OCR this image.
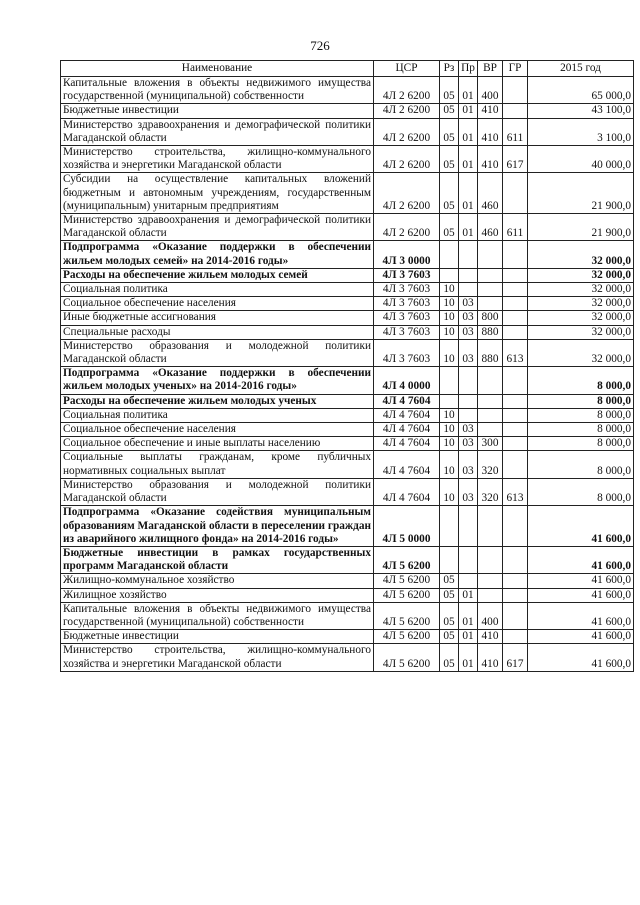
726
Наименование	ЦСР	Рз	Пр	ВР	ГР	2015 год
Капитальные вложения в объекты недвижимого имущества государственной (муниципальной) собственности	4Л 2 6200	05	01	400		65 000,0
Бюджетные инвестиции	4Л 2 6200	05	01	410		43 100,0
Министерство здравоохранения и демографической политики Магаданской области	4Л 2 6200	05	01	410	611	3 100,0
Министерство строительства, жилищно-коммунального хозяйства и энергетики Магаданской области	4Л 2 6200	05	01	410	617	40 000,0
Субсидии на осуществление капитальных вложений бюджетным и автономным учреждениям, государственным (муниципальным) унитарным предприятиям	4Л 2 6200	05	01	460		21 900,0
Министерство здравоохранения и демографической политики Магаданской области	4Л 2 6200	05	01	460	611	21 900,0
Подпрограмма «Оказание поддержки в обеспечении жильем молодых семей» на 2014-2016 годы»	4Л 3 0000					32 000,0
Расходы на обеспечение жильем молодых семей	4Л 3 7603					32 000,0
Социальная политика	4Л 3 7603	10				32 000,0
Социальное обеспечение населения	4Л 3 7603	10	03			32 000,0
Иные бюджетные ассигнования	4Л 3 7603	10	03	800		32 000,0
Специальные расходы	4Л 3 7603	10	03	880		32 000,0
Министерство образования и молодежной политики Магаданской области	4Л 3 7603	10	03	880	613	32 000,0
Подпрограмма «Оказание поддержки в обеспечении жильем молодых ученых» на 2014-2016 годы»	4Л 4 0000					8 000,0
Расходы на обеспечение жильем молодых ученых	4Л 4 7604					8 000,0
Социальная политика	4Л 4 7604	10				8 000,0
Социальное обеспечение населения	4Л 4 7604	10	03			8 000,0
Социальное обеспечение и иные выплаты населению	4Л 4 7604	10	03	300		8 000,0
Социальные выплаты гражданам, кроме публичных нормативных социальных выплат	4Л 4 7604	10	03	320		8 000,0
Министерство образования и молодежной политики Магаданской области	4Л 4 7604	10	03	320	613	8 000,0
Подпрограмма «Оказание содействия муниципальным образованиям Магаданской области в переселении граждан из аварийного жилищного фонда» на 2014-2016 годы»	4Л 5 0000					41 600,0
Бюджетные инвестиции в рамках государственных программ Магаданской области	4Л 5 6200					41 600,0
Жилищно-коммунальное хозяйство	4Л 5 6200	05				41 600,0
Жилищное хозяйство	4Л 5 6200	05	01			41 600,0
Капитальные вложения в объекты недвижимого имущества государственной (муниципальной) собственности	4Л 5 6200	05	01	400		41 600,0
Бюджетные инвестиции	4Л 5 6200	05	01	410		41 600,0
Министерство строительства, жилищно-коммунального хозяйства и энергетики Магаданской области	4Л 5 6200	05	01	410	617	41 600,0
